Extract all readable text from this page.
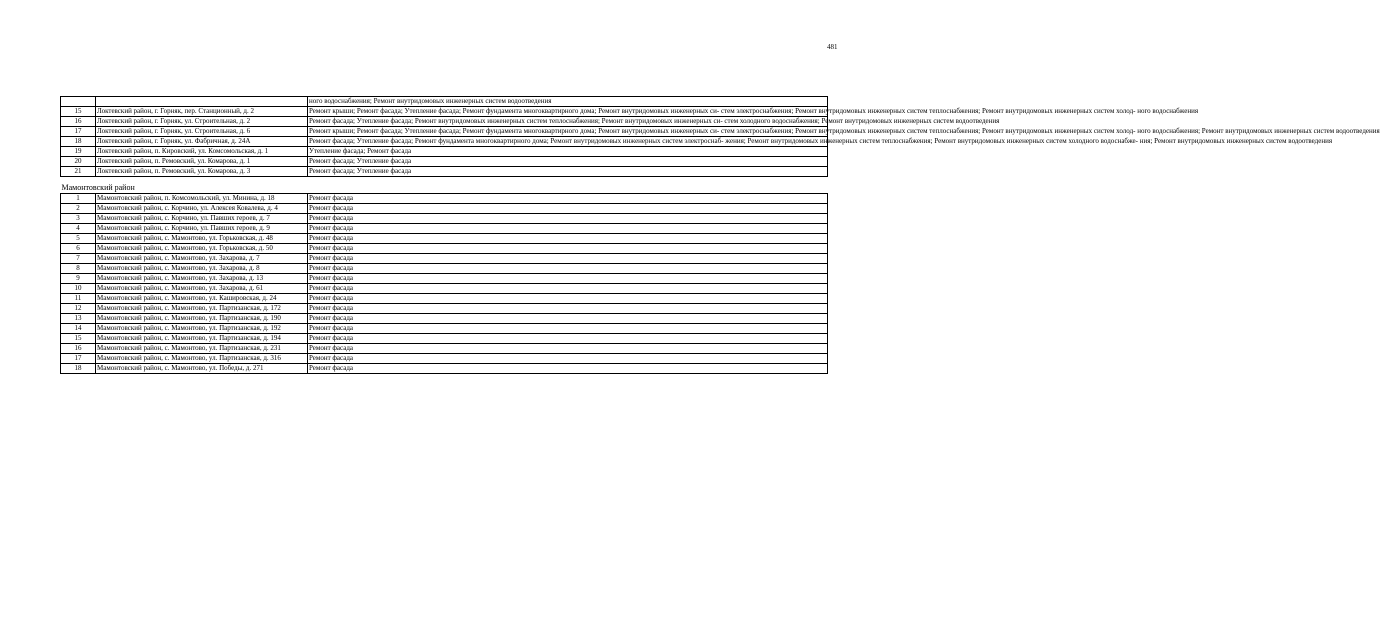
481
		ного водоснабжения; Ремонт внутридомовых инженерных систем водоотведения
15	Локтевский район, г. Горняк, пер. Станционный, д. 2	Ремонт крыши; Ремонт фасада; Утепление фасада; Ремонт фундамента многоквартирного дома; Ремонт внутридомовых инженерных си- стем электроснабжения; Ремонт внутридомовых инженерных систем теплоснабжения; Ремонт внутридомовых инженерных систем холод- ного водоснабжения
16	Локтевский район, г. Горняк, ул. Строительная, д. 2	Ремонт фасада; Утепление фасада; Ремонт внутридомовых инженерных систем теплоснабжения; Ремонт внутридомовых инженерных си- стем холодного водоснабжения; Ремонт внутридомовых инженерных систем водоотведения
17	Локтевский район, г. Горняк, ул. Строительная, д. 6	Ремонт крыши; Ремонт фасада; Утепление фасада; Ремонт фундамента многоквартирного дома; Ремонт внутридомовых инженерных си- стем электроснабжения; Ремонт внутридомовых инженерных систем теплоснабжения; Ремонт внутридомовых инженерных систем холод- ного водоснабжения; Ремонт внутридомовых инженерных систем водоотведения
18	Локтевский район, г. Горняк, ул. Фабричная, д. 24А	Ремонт фасада; Утепление фасада; Ремонт фундамента многоквартирного дома; Ремонт внутридомовых инженерных систем электроснаб- жения; Ремонт внутридомовых инженерных систем теплоснабжения; Ремонт внутридомовых инженерных систем холодного водоснабже- ния; Ремонт внутридомовых инженерных систем водоотведения
19	Локтевский район, п. Кировский, ул. Комсомольская, д. 1	Утепление фасада; Ремонт фасада
20	Локтевский район, п. Ремовский, ул. Комарова, д. 1	Ремонт фасада; Утепление фасада
21	Локтевский район, п. Ремовский, ул. Комарова, д. 3	Ремонт фасада; Утепление фасада
Мамонтовский район		
1	Мамонтовский район, п. Комсомольский, ул. Минина, д. 18	Ремонт фасада
2	Мамонтовский район, с. Корчино, ул. Алексея Ковалева, д. 4	Ремонт фасада
3	Мамонтовский район, с. Корчино, ул. Павших героев, д. 7	Ремонт фасада
4	Мамонтовский район, с. Корчино, ул. Павших героев, д. 9	Ремонт фасада
5	Мамонтовский район, с. Мамонтово, ул. Горьковская, д. 48	Ремонт фасада
6	Мамонтовский район, с. Мамонтово, ул. Горьковская, д. 50	Ремонт фасада
7	Мамонтовский район, с. Мамонтово, ул. Захарова, д. 7	Ремонт фасада
8	Мамонтовский район, с. Мамонтово, ул. Захарова, д. 8	Ремонт фасада
9	Мамонтовский район, с. Мамонтово, ул. Захарова, д. 13	Ремонт фасада
10	Мамонтовский район, с. Мамонтово, ул. Захарова, д. 61	Ремонт фасада
11	Мамонтовский район, с. Мамонтово, ул. Кашировская, д. 24	Ремонт фасада
12	Мамонтовский район, с. Мамонтово, ул. Партизанская, д. 172	Ремонт фасада
13	Мамонтовский район, с. Мамонтово, ул. Партизанская, д. 190	Ремонт фасада
14	Мамонтовский район, с. Мамонтово, ул. Партизанская, д. 192	Ремонт фасада
15	Мамонтовский район, с. Мамонтово, ул. Партизанская, д. 194	Ремонт фасада
16	Мамонтовский район, с. Мамонтово, ул. Партизанская, д. 231	Ремонт фасада
17	Мамонтовский район, с. Мамонтово, ул. Партизанская, д. 316	Ремонт фасада
18	Мамонтовский район, с. Мамонтово, ул. Победы, д. 271	Ремонт фасада
